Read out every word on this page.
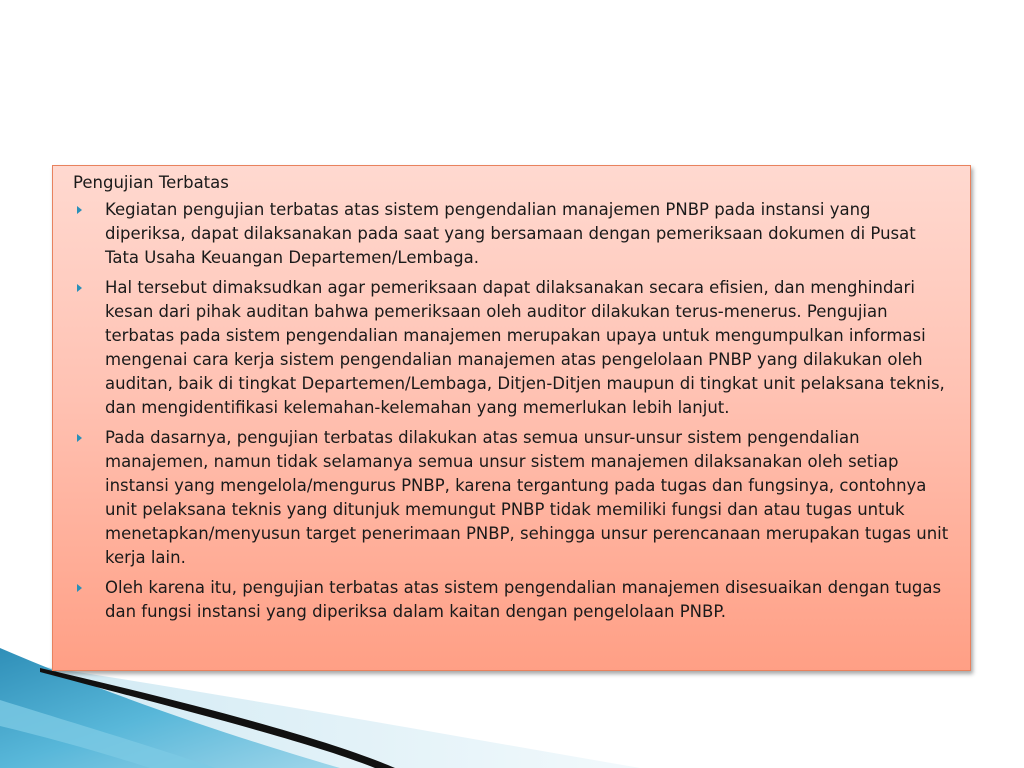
Pengujian Terbatas
Kegiatan pengujian terbatas atas sistem pengendalian manajemen PNBP pada instansi yang diperiksa, dapat dilaksanakan pada saat yang bersamaan dengan pemeriksaan dokumen di Pusat Tata Usaha Keuangan Departemen/Lembaga.
Hal tersebut dimaksudkan agar pemeriksaan dapat dilaksanakan secara efisien, dan menghindari kesan dari pihak auditan bahwa pemeriksaan oleh auditor dilakukan terus-menerus. Pengujian terbatas pada sistem pengendalian manajemen merupakan upaya untuk mengumpulkan informasi mengenai cara kerja sistem pengendalian manajemen atas pengelolaan PNBP yang dilakukan oleh auditan, baik di tingkat Departemen/Lembaga, Ditjen-Ditjen maupun di tingkat unit pelaksana teknis, dan mengidentifikasi kelemahan-kelemahan yang memerlukan lebih lanjut.
Pada dasarnya, pengujian terbatas dilakukan atas semua unsur-unsur sistem pengendalian manajemen, namun tidak selamanya semua unsur sistem manajemen dilaksanakan oleh setiap instansi yang mengelola/mengurus PNBP, karena tergantung pada tugas dan fungsinya, contohnya unit pelaksana teknis yang ditunjuk memungut PNBP tidak memiliki fungsi dan atau tugas untuk menetapkan/menyusun target penerimaan PNBP, sehingga unsur perencanaan merupakan tugas unit kerja lain.
Oleh karena itu, pengujian terbatas atas sistem pengendalian manajemen disesuaikan dengan tugas dan fungsi instansi yang diperiksa dalam kaitan dengan pengelolaan PNBP.
